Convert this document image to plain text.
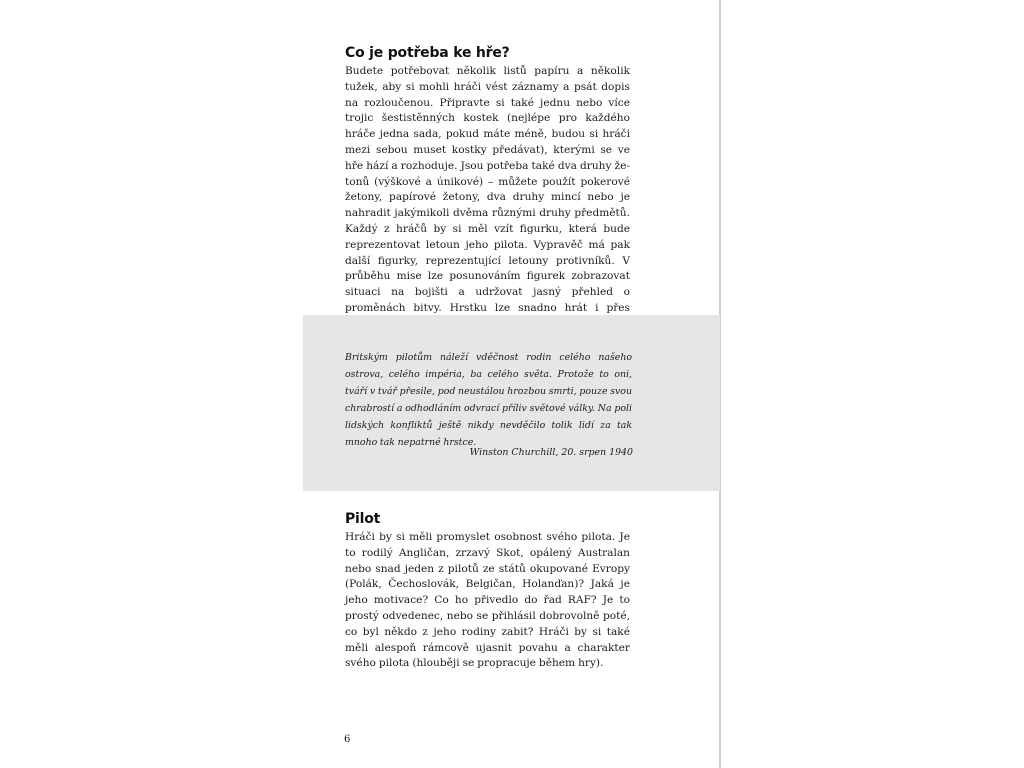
Co je potřeba ke hře?

Budete potřebovat několik listů papíru a několik tužek, aby si mohli hráči vést záznamy a psát dopis na rozloučenou. Připravte si také jednu nebo více trojic šestistěnných kostek (nejlépe pro každého hráče jedna sada, pokud máte méně, budou si hráči mezi sebou muset kostky předávat), kterými se ve hře hází a rozhoduje. Jsou potřeba také dva druhy žetonů (výškové a únikové) – můžete použít pokerové žetony, papírové žetony, dva druhy mincí nebo je nahradit jakýmikoli dvěma různými druhy předmětů. Každý z hráčů by si měl vzít figurku, která bude reprezentovat letoun jeho pilota. Vypravěč má pak další figurky, reprezentující letouny protivníků. V průběhu mise lze posunováním figurek zobrazovat situaci na bojišti a udržovat jasný přehled o proměnách bitvy. Hrstku lze snadno hrát i přes

Britským pilotům náleží vděčnost rodin celého našeho ostrova, celého impéria, ba celého světa. Protože to oni, tváří v tvář přesile, pod neustálou hrozbou smrti, pouze svou chrabrostí a odhodláním odvrací příliv světové války. Na poli lidských konfliktů ještě nikdy nevděčilo tolik lidí za tak mnoho tak nepatrné hrstce.

Winston Churchill, 20. srpen 1940

Pilot

Hráči by si měli promyslet osobnost svého pilota. Je to rodilý Angličan, zrzavý Skot, opálený Australan nebo snad jeden z pilotů ze států okupované Evropy (Polák, Čechoslovák, Belgičan, Holanďan)? Jaká je jeho motivace? Co ho přivedlo do řad RAF? Je to prostý odvedenec, nebo se přihlásil dobrovolně poté, co byl někdo z jeho rodiny zabit? Hráči by si také měli alespoň rámcově ujasnit povahu a charakter svého pilota (hlouběji se propracuje během hry).

6
